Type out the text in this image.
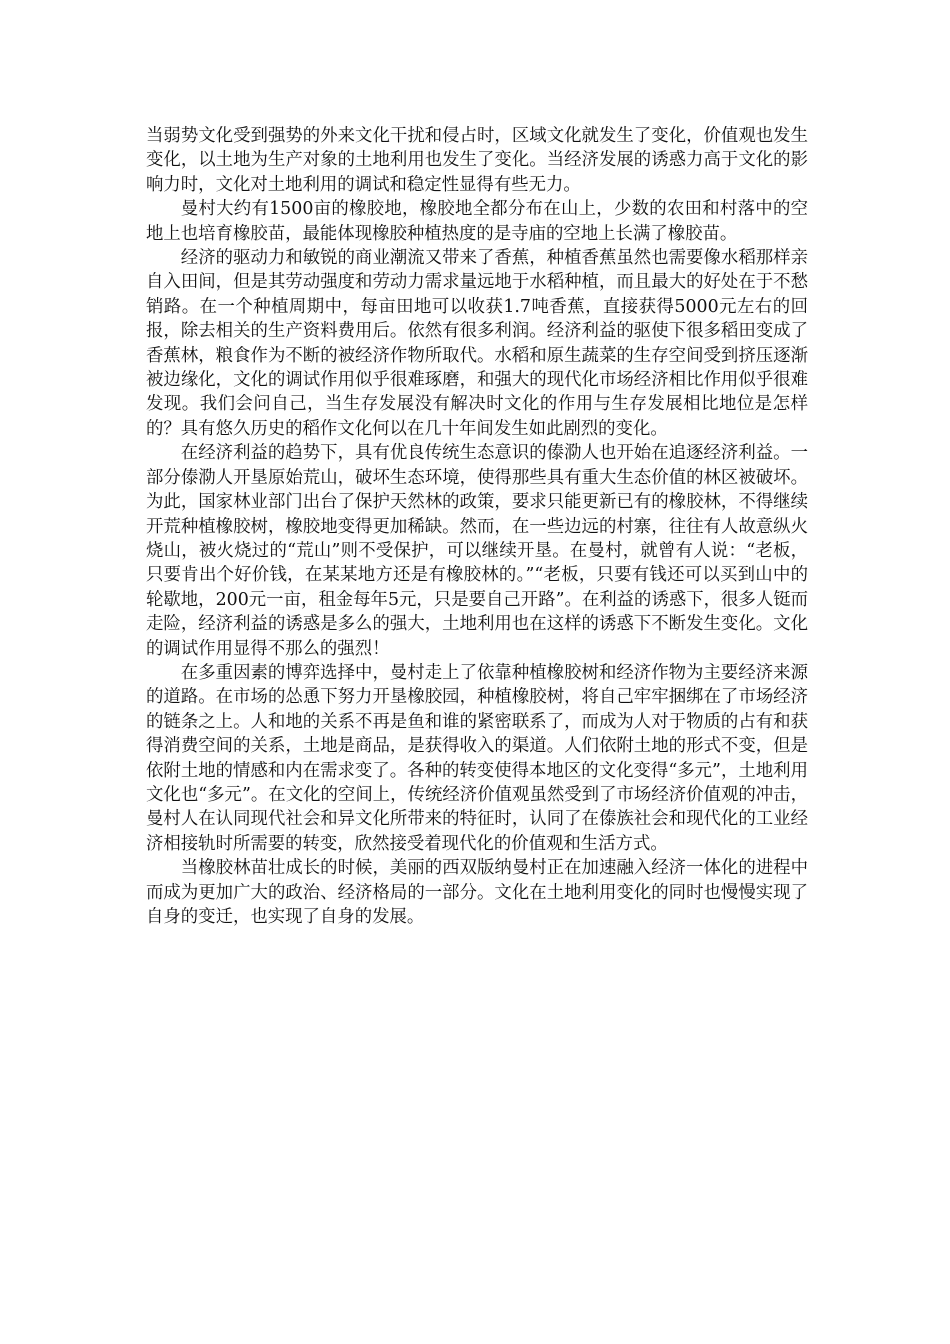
当弱势文化受到强势的外来文化干扰和侵占时，区域文化就发生了变化，价值观也发生变化，以土地为生产对象的土地利用也发生了变化。当经济发展的诱惑力高于文化的影响力时，文化对土地利用的调试和稳定性显得有些无力。

曼村大约有1500亩的橡胶地，橡胶地全都分布在山上，少数的农田和村落中的空地上也培育橡胶苗，最能体现橡胶种植热度的是寺庙的空地上长满了橡胶苗。

经济的驱动力和敏锐的商业潮流又带来了香蕉，种植香蕉虽然也需要像水稻那样亲自入田间，但是其劳动强度和劳动力需求量远地于水稻种植，而且最大的好处在于不愁销路。在一个种植周期中，每亩田地可以收获1.7吨香蕉，直接获得5000元左右的回报，除去相关的生产资料费用后。依然有很多利润。经济利益的驱使下很多稻田变成了香蕉林，粮食作为不断的被经济作物所取代。水稻和原生蔬菜的生存空间受到挤压逐渐被边缘化，文化的调试作用似乎很难琢磨，和强大的现代化市场经济相比作用似乎很难发现。我们会问自己，当生存发展没有解决时文化的作用与生存发展相比地位是怎样的？具有悠久历史的稻作文化何以在几十年间发生如此剧烈的变化。

在经济利益的趋势下，具有优良传统生态意识的傣泐人也开始在追逐经济利益。一部分傣泐人开垦原始荒山，破坏生态环境，使得那些具有重大生态价值的林区被破坏。为此，国家林业部门出台了保护天然林的政策，要求只能更新已有的橡胶林，不得继续开荒种植橡胶树，橡胶地变得更加稀缺。然而，在一些边远的村寨，往往有人故意纵火烧山，被火烧过的“荒山”则不受保护，可以继续开垦。在曼村，就曾有人说：“老板，只要肯出个好价钱，在某某地方还是有橡胶林的。”“老板，只要有钱还可以买到山中的轮歇地，200元一亩，租金每年5元，只是要自己开路”。在利益的诱惑下，很多人铤而走险，经济利益的诱惑是多么的强大，土地利用也在这样的诱惑下不断发生变化。文化的调试作用显得不那么的强烈！

在多重因素的博弈选择中，曼村走上了依靠种植橡胶树和经济作物为主要经济来源的道路。在市场的怂恿下努力开垦橡胶园，种植橡胶树，将自己牢牢捆绑在了市场经济的链条之上。人和地的关系不再是鱼和谁的紧密联系了，而成为人对于物质的占有和获得消费空间的关系，土地是商品，是获得收入的渠道。人们依附土地的形式不变，但是依附土地的情感和内在需求变了。各种的转变使得本地区的文化变得“多元”，土地利用文化也“多元”。在文化的空间上，传统经济价值观虽然受到了市场经济价值观的冲击，曼村人在认同现代社会和异文化所带来的特征时，认同了在傣族社会和现代化的工业经济相接轨时所需要的转变，欣然接受着现代化的价值观和生活方式。

当橡胶林苗壮成长的时候，美丽的西双版纳曼村正在加速融入经济一体化的进程中而成为更加广大的政治、经济格局的一部分。文化在土地利用变化的同时也慢慢实现了自身的变迁，也实现了自身的发展。
